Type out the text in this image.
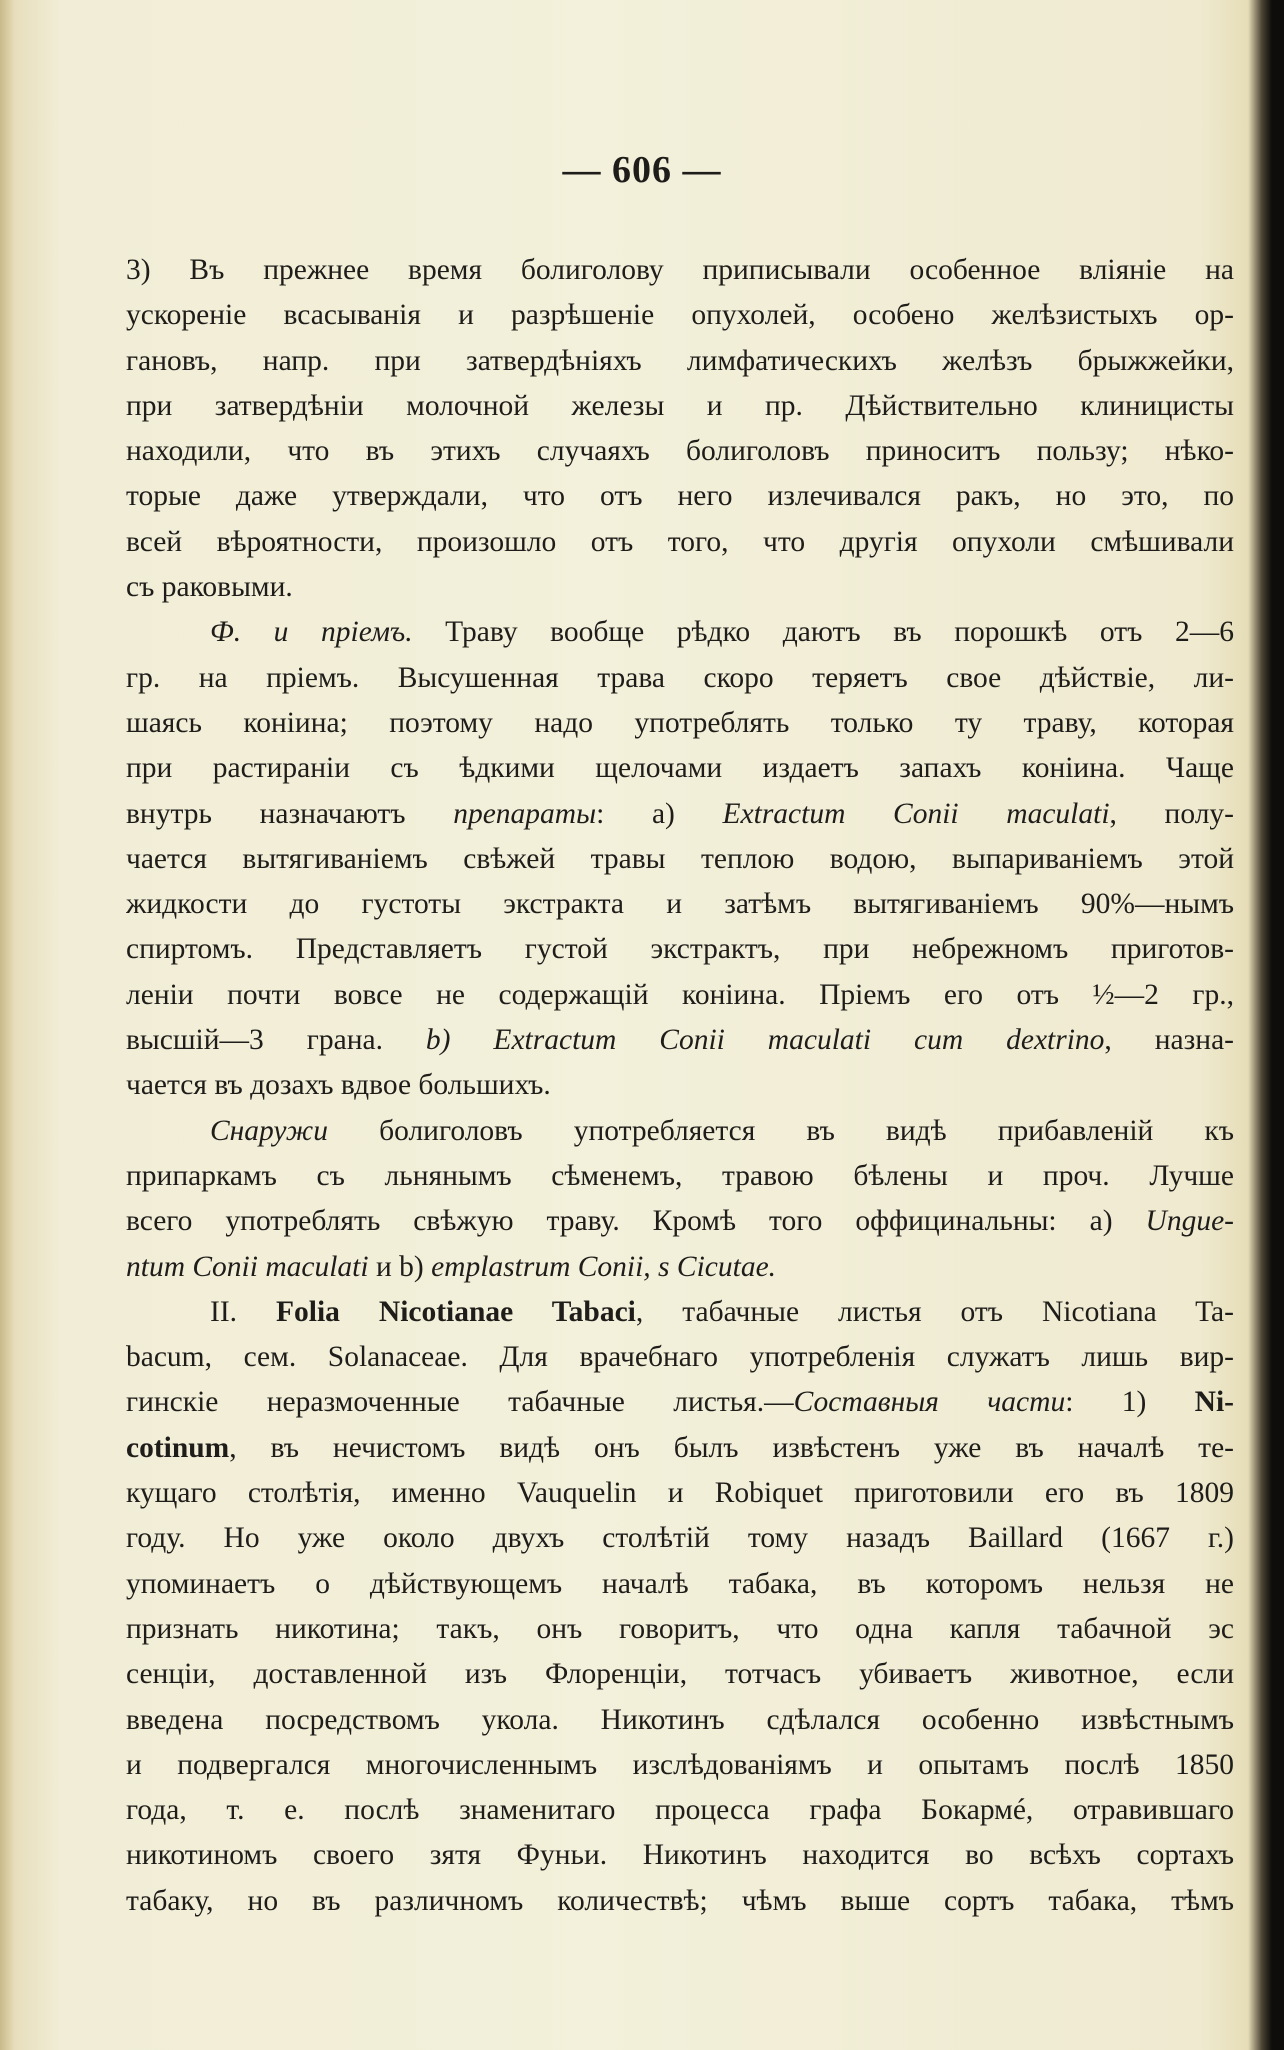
— 606 —
3) Въ прежнее время болиголову приписывали особенное вліяніе на
ускореніе всасыванія и разрѣшеніе опухолей, особено желѣзистыхъ ор-
гановъ, напр. при затвердѣніяхъ лимфатическихъ желѣзъ брыжжейки,
при затвердѣніи молочной железы и пр. Дѣйствительно клиницисты
находили, что въ этихъ случаяхъ болиголовъ приноситъ пользу; нѣко-
торые даже утверждали, что отъ него излечивался ракъ, но это, по
всей вѣроятности, произошло отъ того, что другія опухоли смѣшивали
съ раковыми.
Ф. и пріемъ. Траву вообще рѣдко даютъ въ порошкѣ отъ 2—6
гр. на пріемъ. Высушенная трава скоро теряетъ свое дѣйствіе, ли-
шаясь коніина; поэтому надо употреблять только ту траву, которая
при растираніи съ ѣдкими щелочами издаетъ запахъ коніина. Чаще
внутрь назначаютъ препараты: а) Extractum Conii maculati, полу-
чается вытягиваніемъ свѣжей травы теплою водою, выпариваніемъ этой
жидкости до густоты экстракта и затѣмъ вытягиваніемъ 90%—нымъ
спиртомъ. Представляетъ густой экстрактъ, при небрежномъ приготов-
леніи почти вовсе не содержащій коніина. Пріемъ его отъ ½—2 гр.,
высшій—3 грана. b) Extractum Conii maculati cum dextrino, назна-
чается въ дозахъ вдвое большихъ.
Снаружи болиголовъ употребляется въ видѣ прибавленій къ
припаркамъ съ льнянымъ сѣменемъ, травою бѣлены и проч. Лучше
всего употреблять свѣжую траву. Кромѣ того оффицинальны: а) Ungue-
ntum Conii maculati и b) emplastrum Conii, s Cicutae.
II. Folia Nicotianae Tabaci, табачные листья отъ Nicotiana Ta-
bacum, сем. Solanaceae. Для врачебнаго употребленія служатъ лишь вир-
гинскіе неразмоченные табачные листья.—Составныя части: 1) Ni-
cotinum, въ нечистомъ видѣ онъ былъ извѣстенъ уже въ началѣ те-
кущаго столѣтія, именно Vauquelin и Robiquet приготовили его въ 1809
году. Но уже около двухъ столѣтій тому назадъ Baillard (1667 г.)
упоминаетъ о дѣйствующемъ началѣ табака, въ которомъ нельзя не
признать никотина; такъ, онъ говоритъ, что одна капля табачной эс
сенціи, доставленной изъ Флоренціи, тотчасъ убиваетъ животное, если
введена посредствомъ укола. Никотинъ сдѣлался особенно извѣстнымъ
и подвергался многочисленнымъ изслѣдованіямъ и опытамъ послѣ 1850
года, т. е. послѣ знаменитаго процесса графа Бокармé, отравившаго
никотиномъ своего зятя Фуньи. Никотинъ находится во всѣхъ сортахъ
табаку, но въ различномъ количествѣ; чѣмъ выше сортъ табака, тѣмъ
